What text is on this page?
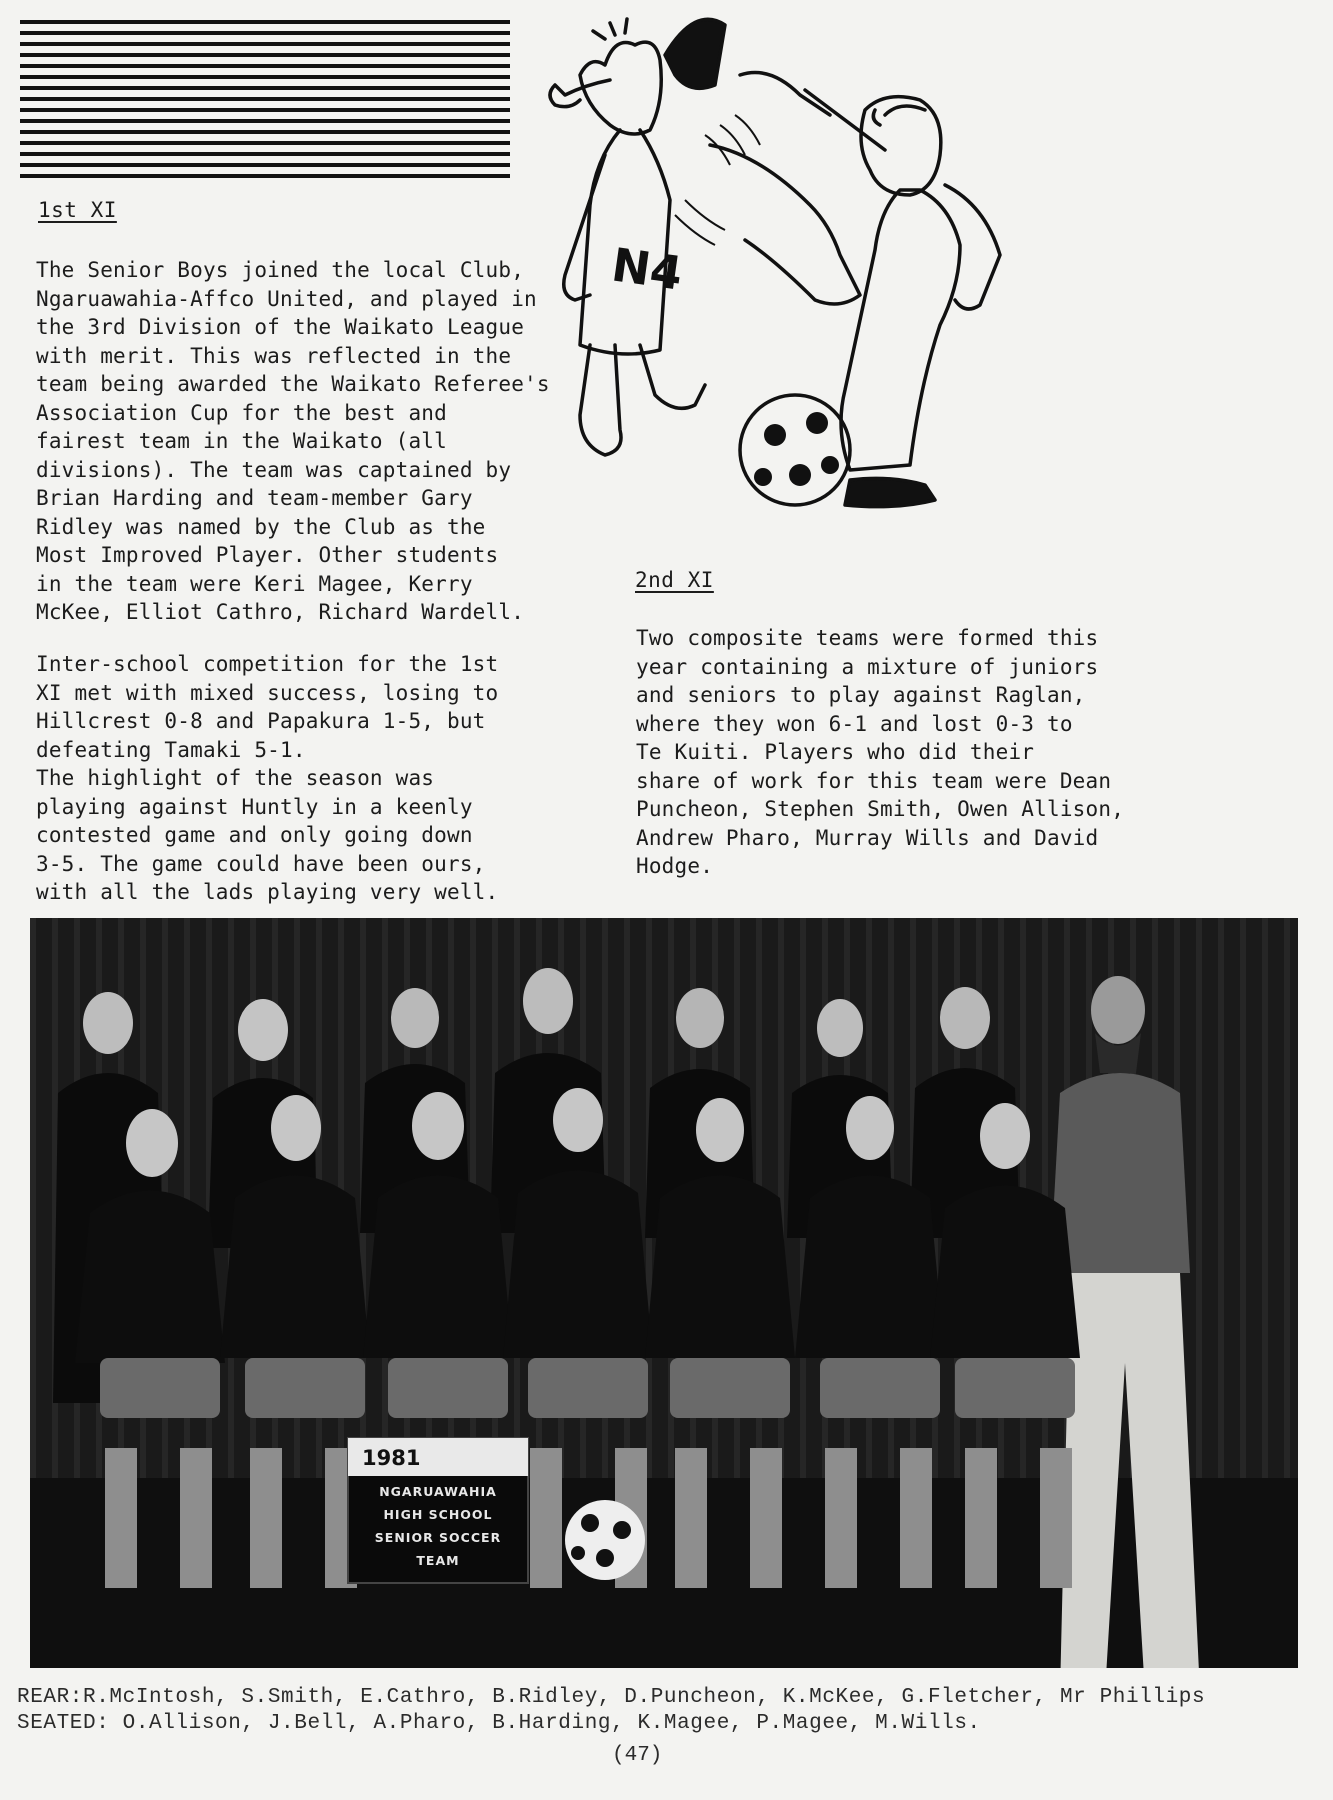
1st XI
The Senior Boys joined the local Club,
Ngaruawahia-Affco United, and played in
the 3rd Division of the Waikato League
with merit. This was reflected in the
team being awarded the Waikato Referee's
Association Cup for the best and
fairest team in the Waikato (all
divisions). The team was captained by
Brian Harding and team-member Gary
Ridley was named by the Club as the
Most Improved Player. Other students
in the team were Keri Magee, Kerry
McKee, Elliot Cathro, Richard Wardell.
Inter-school competition for the 1st
XI met with mixed success, losing to
Hillcrest 0-8 and Papakura 1-5, but
defeating Tamaki 5-1.
The highlight of the season was
playing against Huntly in a keenly
contested game and only going down
3-5. The game could have been ours,
with all the lads playing very well.
N4
2nd XI
Two composite teams were formed this
year containing a mixture of juniors
and seniors to play against Raglan,
where they won 6-1 and lost 0-3 to
Te Kuiti. Players who did their
share of work for this team were Dean
Puncheon, Stephen Smith, Owen Allison,
Andrew Pharo, Murray Wills and David
Hodge.
1981
NGARUAWAHIA
HIGH SCHOOL
SENIOR SOCCER
TEAM
REAR:R.McIntosh, S.Smith, E.Cathro, B.Ridley, D.Puncheon, K.McKee, G.Fletcher, Mr Phillips
SEATED: O.Allison, J.Bell, A.Pharo, B.Harding, K.Magee, P.Magee, M.Wills.
(47)
